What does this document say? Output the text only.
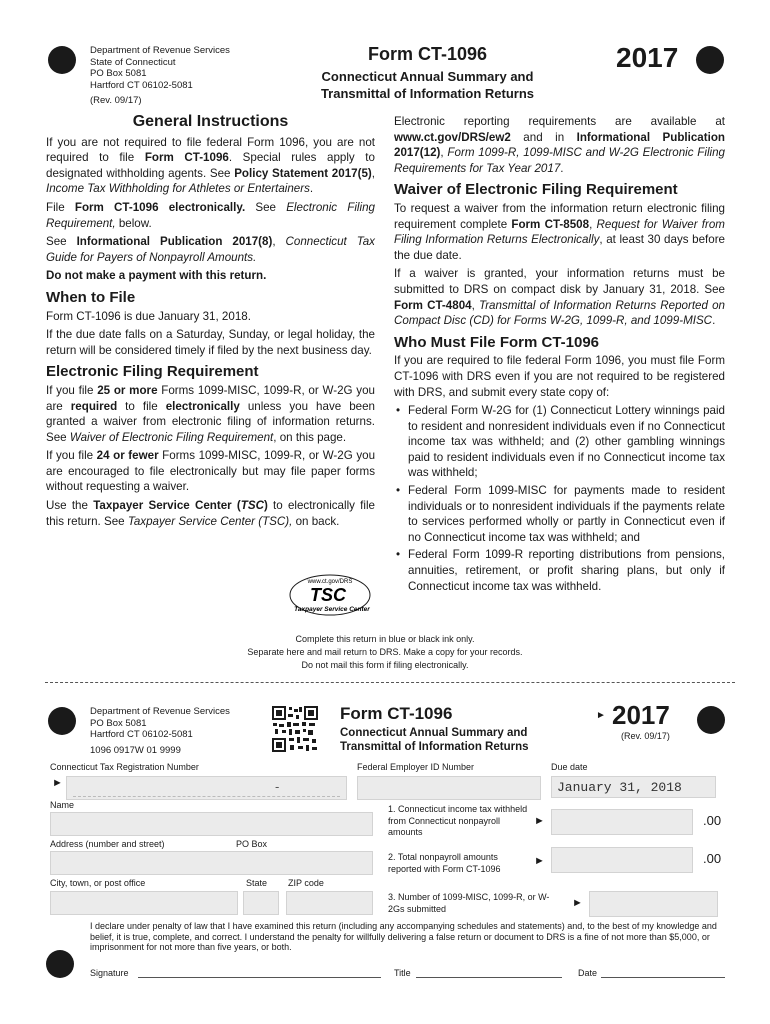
Department of Revenue Services
State of Connecticut
PO Box 5081
Hartford CT 06102-5081
(Rev. 09/17)
Form CT-1096
Connecticut Annual Summary and
Transmittal of Information Returns
2017
General Instructions

If you are not required to file federal Form 1096, you are not required to file Form CT-1096. Special rules apply to designated withholding agents. See Policy Statement 2017(5), Income Tax Withholding for Athletes or Entertainers.

File Form CT-1096 electronically. See Electronic Filing Requirement, below.

See Informational Publication 2017(8), Connecticut Tax Guide for Payers of Nonpayroll Amounts.

Do not make a payment with this return.

When to File

Form CT-1096 is due January 31, 2018.

If the due date falls on a Saturday, Sunday, or legal holiday, the return will be considered timely if filed by the next business day.

Electronic Filing Requirement

If you file 25 or more Forms 1099-MISC, 1099-R, or W-2G you are required to file electronically unless you have been granted a waiver from electronic filing of information returns. See Waiver of Electronic Filing Requirement, on this page.

If you file 24 or fewer Forms 1099-MISC, 1099-R, or W-2G you are encouraged to file electronically but may file paper forms without requesting a waiver.

Use the Taxpayer Service Center (TSC) to electronically file this return. See Taxpayer Service Center (TSC), on back.

www.ct.gov/DRS
TSC
Taxpayer Service Center

Electronic reporting requirements are available at www.ct.gov/DRS/ew2 and in Informational Publication 2017(12), Form 1099-R, 1099-MISC and W-2G Electronic Filing Requirements for Tax Year 2017.

Waiver of Electronic Filing Requirement

To request a waiver from the information return electronic filing requirement complete Form CT-8508, Request for Waiver from Filing Information Returns Electronically, at least 30 days before the due date.

If a waiver is granted, your information returns must be submitted to DRS on compact disk by January 31, 2018. See Form CT-4804, Transmittal of Information Returns Reported on Compact Disc (CD) for Forms W-2G, 1099-R, and 1099-MISC.

Who Must File Form CT-1096

If you are required to file federal Form 1096, you must file Form CT-1096 with DRS even if you are not required to be registered with DRS, and submit every state copy of:

• Federal Form W-2G for (1) Connecticut Lottery winnings paid to resident and nonresident individuals even if no Connecticut income tax was withheld; and (2) other gambling winnings paid to resident individuals even if no Connecticut income tax was withheld;
• Federal Form 1099-MISC for payments made to resident individuals or to nonresident individuals if the payments relate to services performed wholly or partly in Connecticut even if no Connecticut income tax was withheld; and
• Federal Form 1099-R reporting distributions from pensions, annuities, retirement, or profit sharing plans, but only if Connecticut income tax was withheld.
Complete this return in blue or black ink only.
Separate here and mail return to DRS. Make a copy for your records.
Do not mail this form if filing electronically.
Department of Revenue Services
PO Box 5081
Hartford CT 06102-5081
1096 0917W 01 9999
Form CT-1096
Connecticut Annual Summary and
Transmittal of Information Returns
► 2017
(Rev. 09/17)
Connecticut Tax Registration Number	Federal Employer ID Number	Due date
►	-	January 31, 2018
Name	1. Connecticut income tax withheld from Connecticut nonpayroll amounts
►	.00
Address (number and street)	PO Box
2. Total nonpayroll amounts reported with Form CT-1096
►	.00
City, town, or post office	State ZIP code
3. Number of 1099-MISC, 1099-R, or W-2Gs submitted	►
I declare under penalty of law that I have examined this return (including any accompanying schedules and statements) and, to the best of my knowledge and belief, it is true, complete, and correct. I understand the penalty for willfully delivering a false return or document to DRS is a fine of not more than $5,000, or imprisonment for not more than five years, or both.
Signature	Title	Date
